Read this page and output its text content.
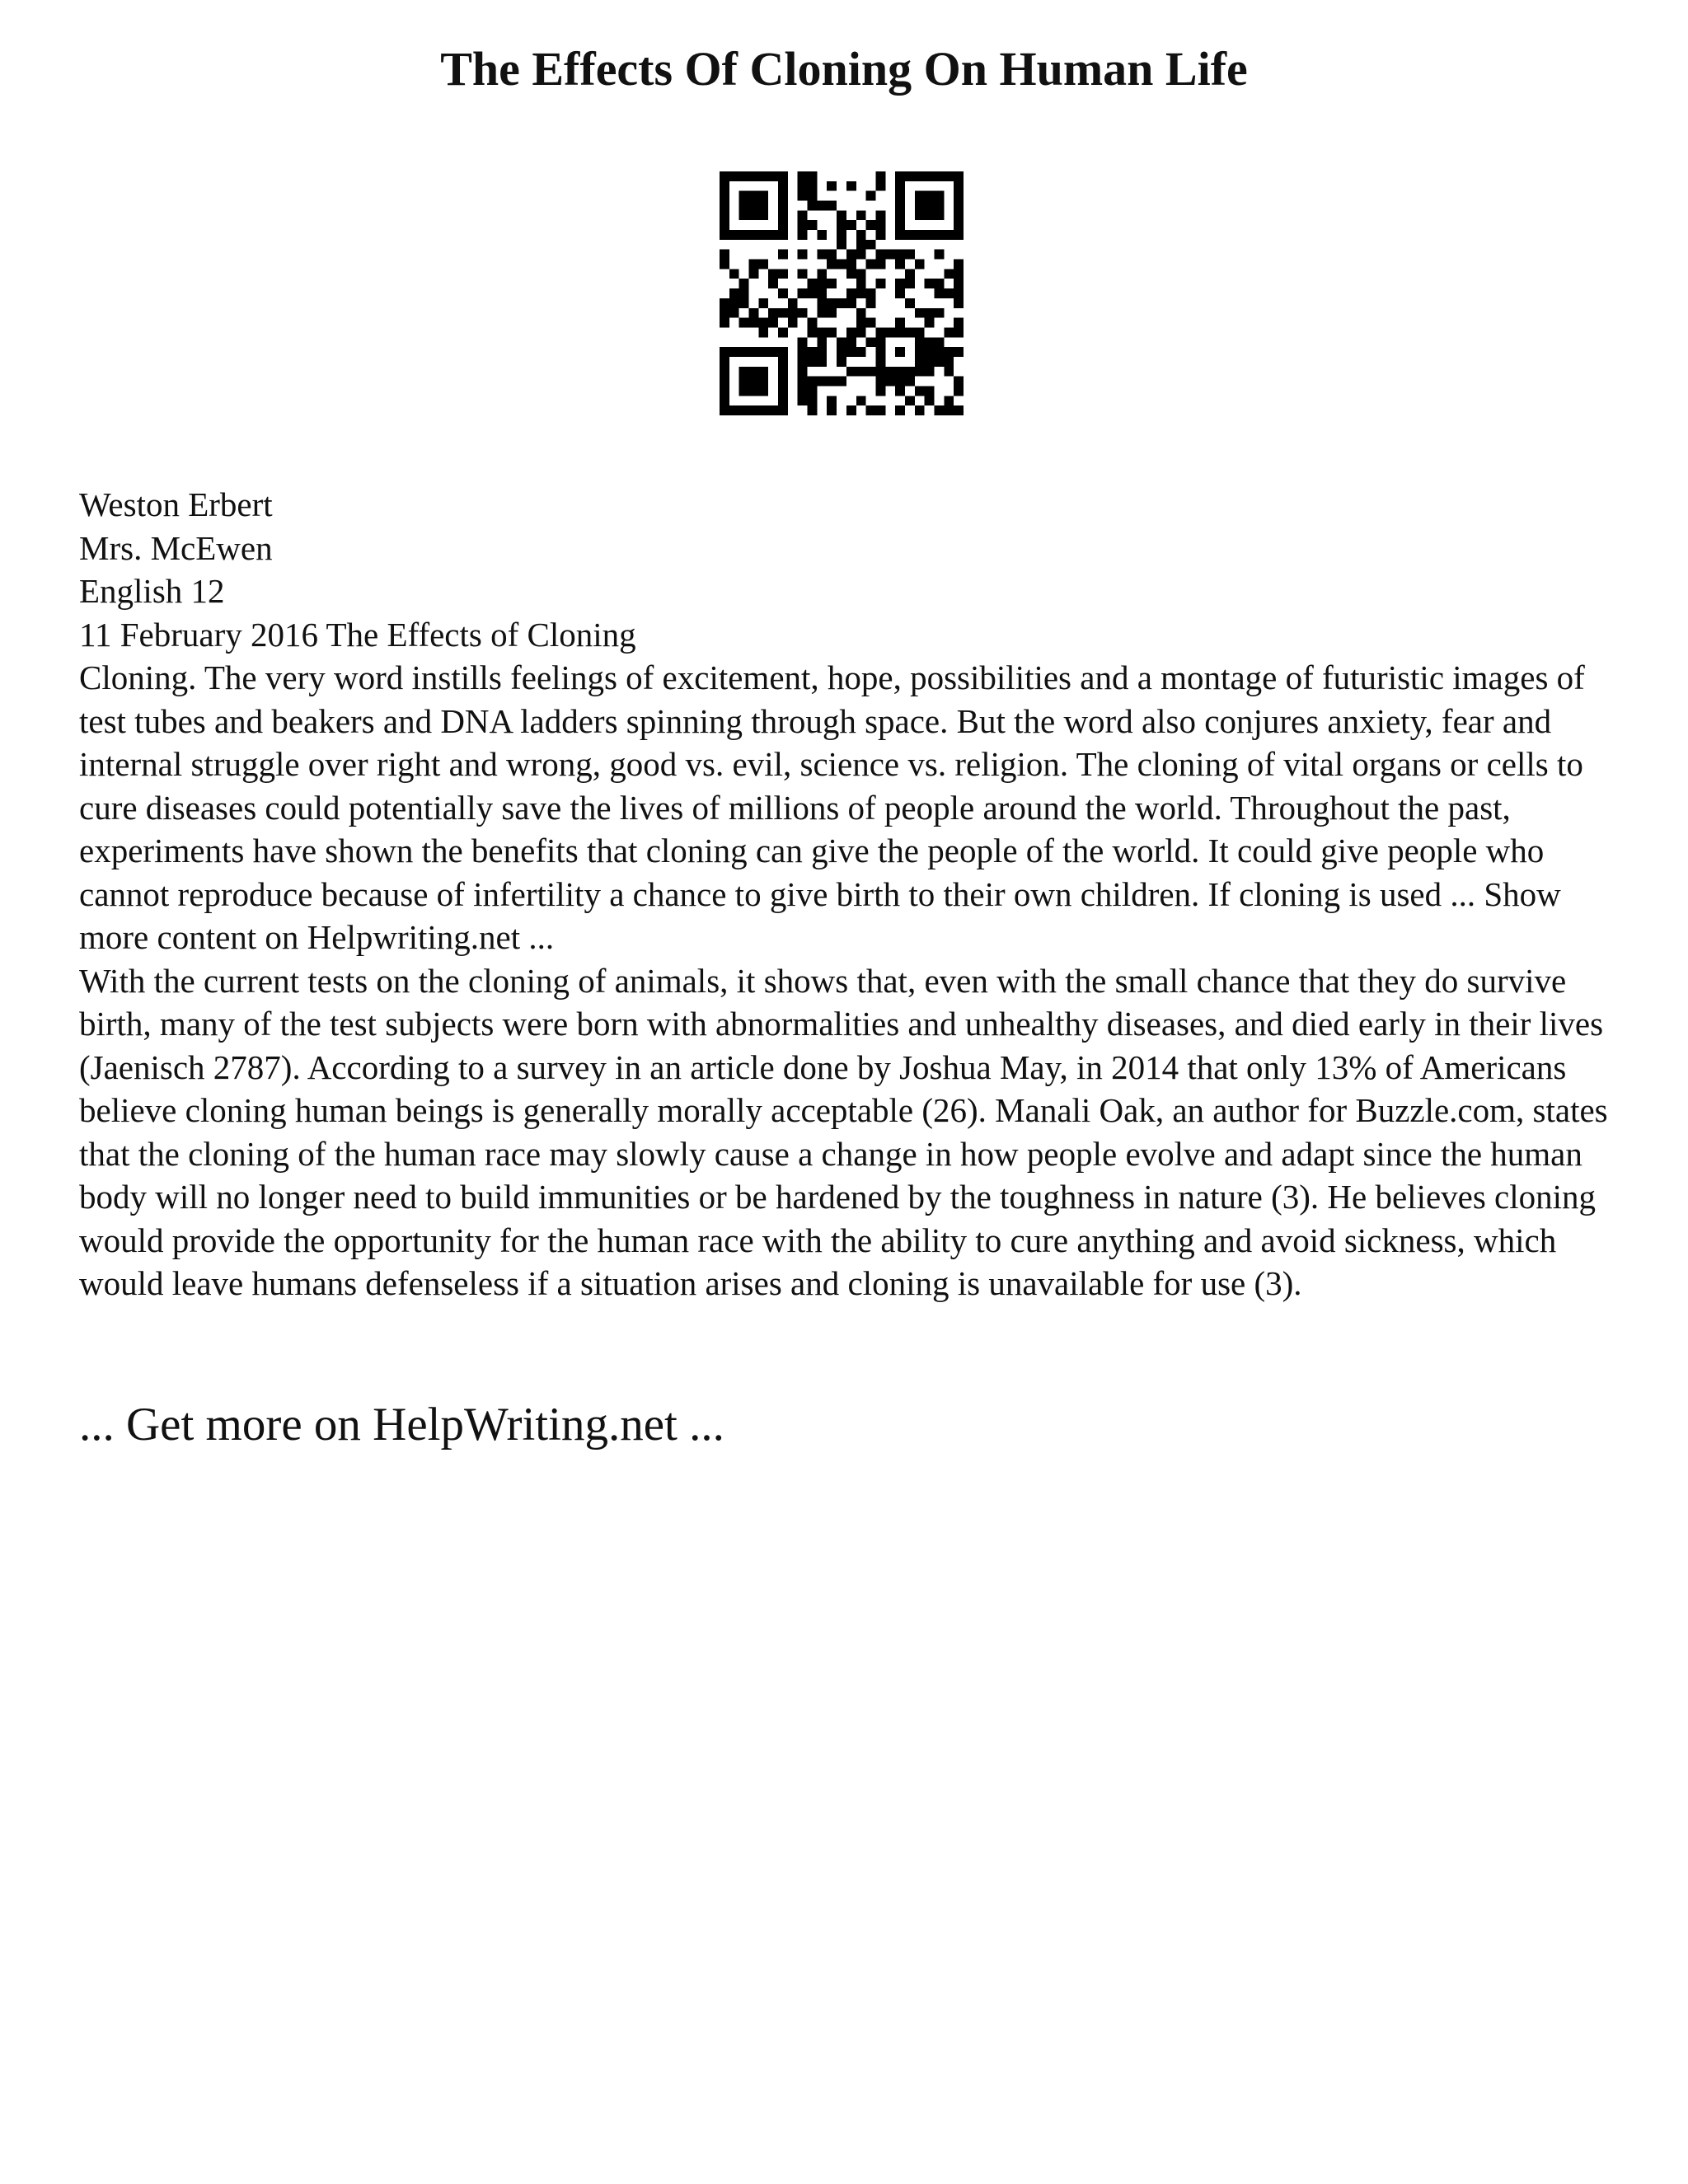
The Effects Of Cloning On Human Life
Weston Erbert
Mrs. McEwen
English 12
11 February 2016 The Effects of Cloning

Cloning. The very word instills feelings of excitement, hope, possibilities and a montage of futuristic images of test tubes and beakers and DNA ladders spinning through space. But the word also conjures anxiety, fear and internal struggle over right and wrong, good vs. evil, science vs. religion. The cloning of vital organs or cells to cure diseases could potentially save the lives of millions of people around the world. Throughout the past, experiments have shown the benefits that cloning can give the people of the world. It could give people who cannot reproduce because of infertility a chance to give birth to their own children. If cloning is used ... Show more content on Helpwriting.net ...

With the current tests on the cloning of animals, it shows that, even with the small chance that they do survive birth, many of the test subjects were born with abnormalities and unhealthy diseases, and died early in their lives (Jaenisch 2787). According to a survey in an article done by Joshua May, in 2014 that only 13% of Americans believe cloning human beings is generally morally acceptable (26). Manali Oak, an author for Buzzle.com, states that the cloning of the human race may slowly cause a change in how people evolve and adapt since the human body will no longer need to build immunities or be hardened by the toughness in nature (3). He believes cloning would provide the opportunity for the human race with the ability to cure anything and avoid sickness, which would leave humans defenseless if a situation arises and cloning is unavailable for use (3).

... Get more on HelpWriting.net ...
